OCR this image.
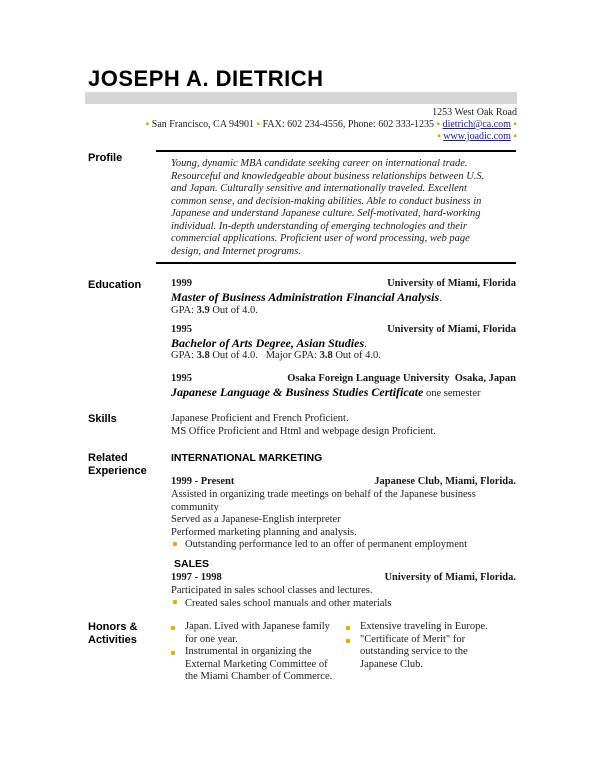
JOSEPH A. DIETRICH
1253 West Oak Road
▪ San Francisco, CA 94901 ▪ FAX: 602 234-4556, Phone: 602 333-1235 ▪ dietrich@ca.com ▪
▪ www.joadic.com ▪
Profile	Young, dynamic MBA candidate seeking career on international trade.
Resourceful and knowledgeable about business relationships between U.S.
and Japan. Culturally sensitive and internationally traveled. Excellent
common sense, and decision-making abilities. Able to conduct business in
Japanese and understand Japanese culture. Self-motivated, hard-working
individual. In-depth understanding of emerging technologies and their
commercial applications. Proficient user of word processing, web page
design, and Internet programs.
Education	1999	University of Miami, Florida
Master of Business Administration Financial Analysis.
GPA: 3.9 Out of 4.0.
1995	University of Miami, Florida
Bachelor of Arts Degree, Asian Studies.
GPA: 3.8 Out of 4.0.   Major GPA: 3.8 Out of 4.0.
1995	Osaka Foreign Language University  Osaka, Japan
Japanese Language & Business Studies Certificate one semester
Skills	Japanese Proficient and French Proficient.
MS Office Proficient and Html and webpage design Proficient.
Related
Experience
INTERNATIONAL MARKETING
1999 - Present	Japanese Club, Miami, Florida.
Assisted in organizing trade meetings on behalf of the Japanese business
community
Served as a Japanese-English interpreter
Performed marketing planning and analysis.
Outstanding performance led to an offer of permanent employment
SALES
1997 - 1998	University of Miami, Florida.
Participated in sales school classes and lectures.
Created sales school manuals and other materials
Honors &
Activities
Japan. Lived with Japanese family
for one year.
Instrumental in organizing the
External Marketing Committee of
the Miami Chamber of Commerce.
Extensive traveling in Europe.
"Certificate of Merit" for
outstanding service to the
Japanese Club.
